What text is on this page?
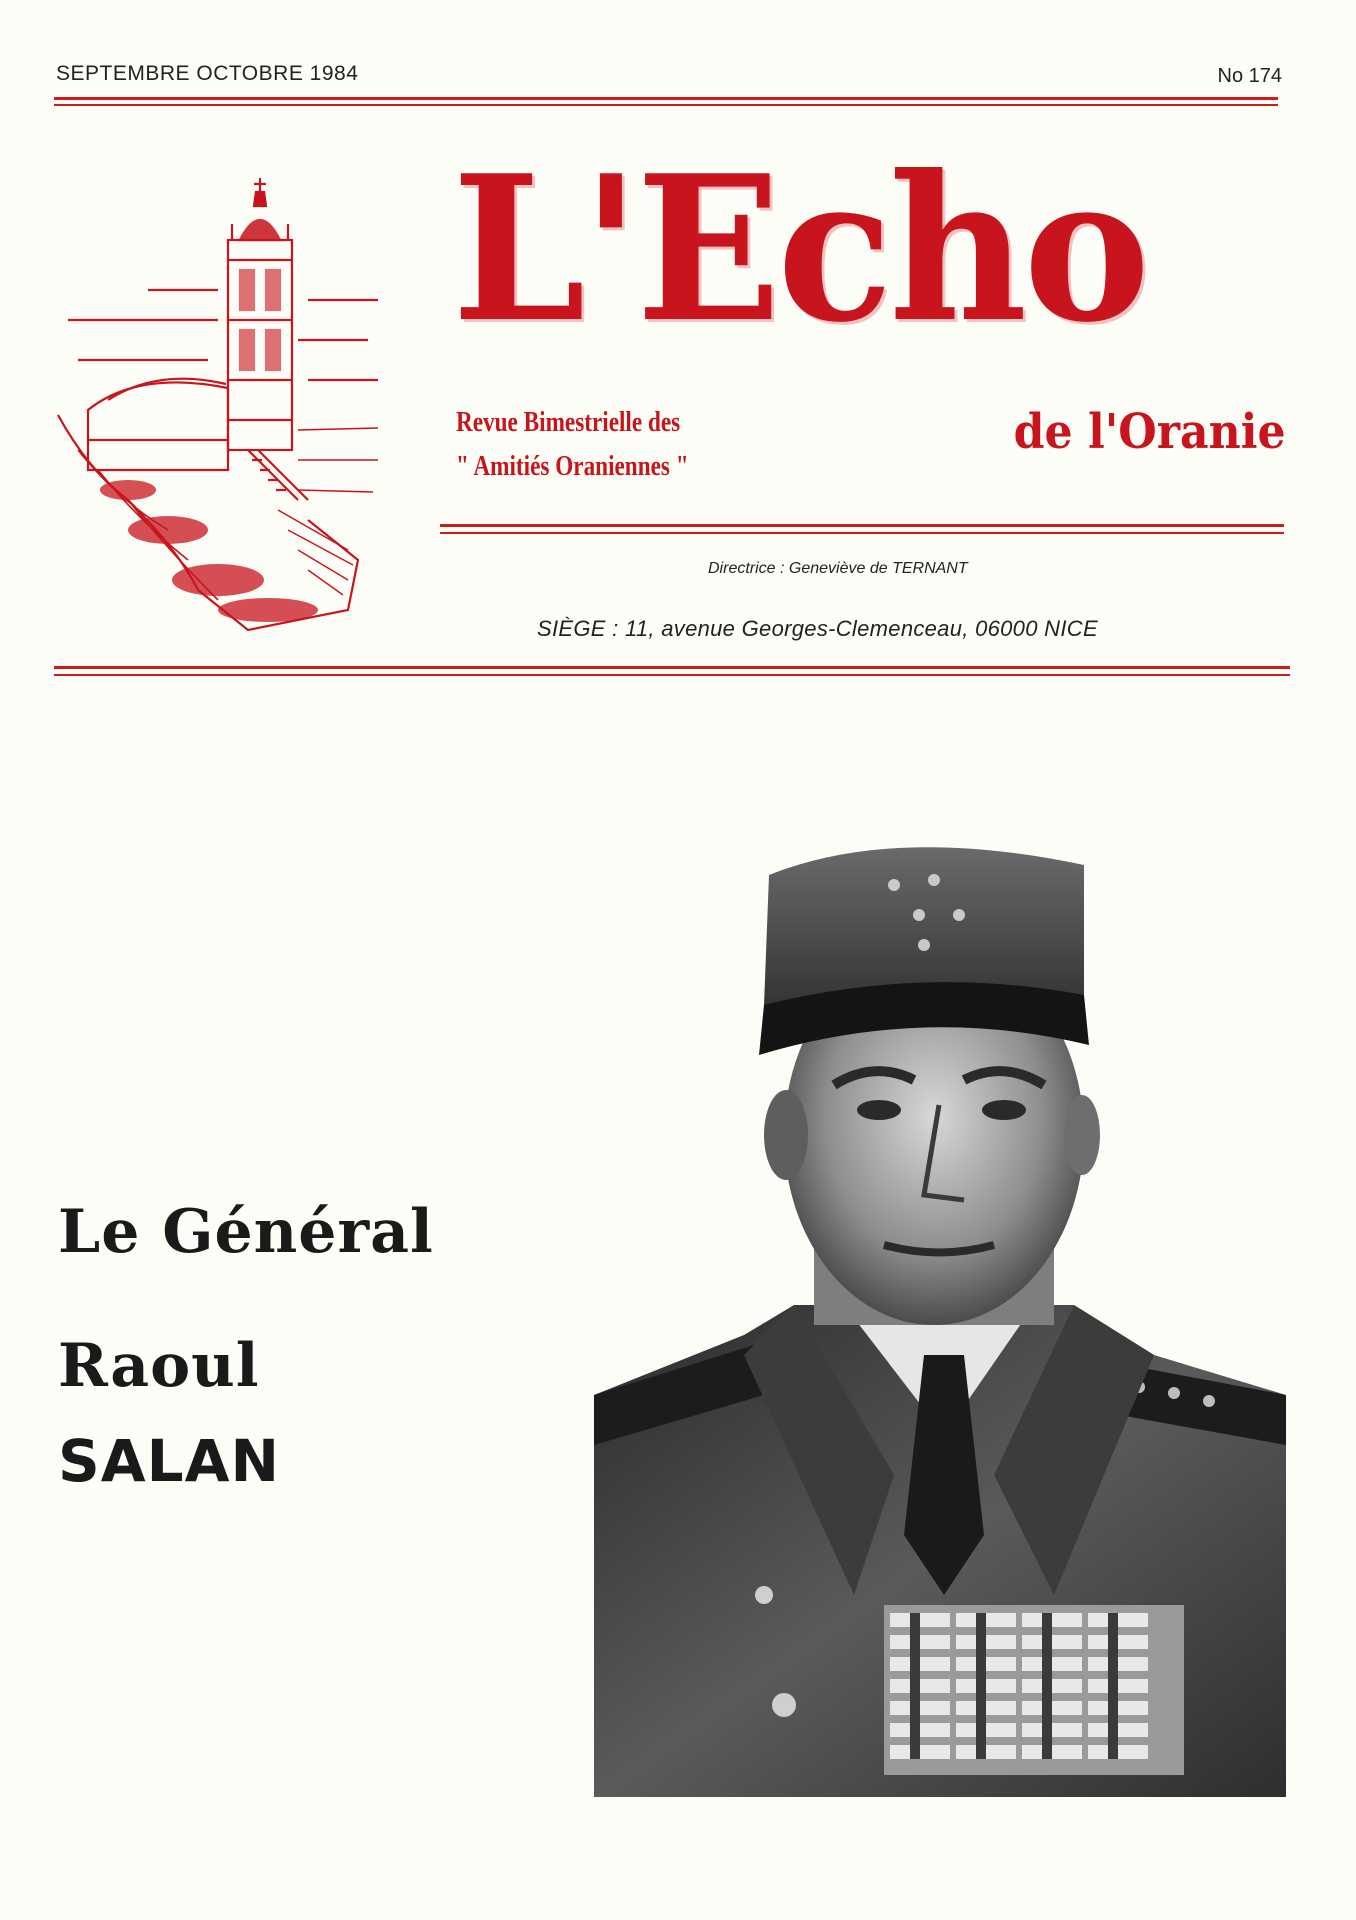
SEPTEMBRE OCTOBRE 1984	No 174
L'Echo
Revue Bimestrielle des
" Amitiés Oraniennes "
de l'Oranie
Directrice : Geneviève de TERNANT
SIÈGE : 11, avenue Georges-Clemenceau, 06000 NICE
Le Général
Raoul
SALAN
